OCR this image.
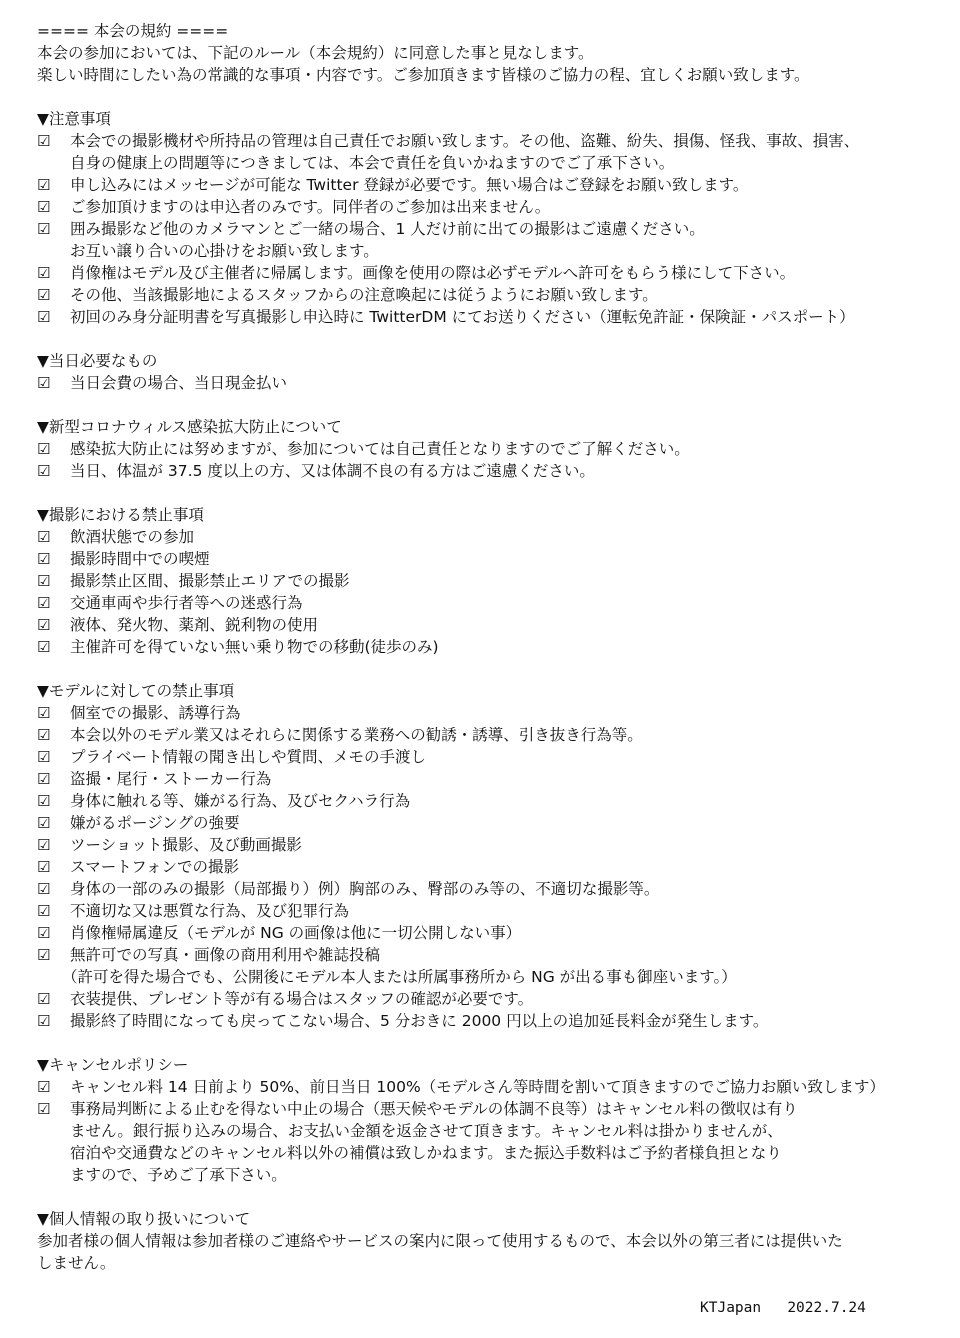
==== 本会の規約 ====
本会の参加においては、下記のルール（本会規約）に同意した事と見なします。
楽しい時間にしたい為の常識的な事項・内容です。ご参加頂きます皆様のご協力の程、宜しくお願い致します。
▼注意事項
☑	本会での撮影機材や所持品の管理は自己責任でお願い致します。その他、盗難、紛失、損傷、怪我、事故、損害、
自身の健康上の問題等につきましては、本会で責任を負いかねますのでご了承下さい。
☑	申し込みにはメッセージが可能な Twitter 登録が必要です。無い場合はご登録をお願い致します。
☑	ご参加頂けますのは申込者のみです。同伴者のご参加は出来ません。
☑	囲み撮影など他のカメラマンとご一緒の場合、1 人だけ前に出ての撮影はご遠慮ください。
お互い譲り合いの心掛けをお願い致します。
☑	肖像権はモデル及び主催者に帰属します。画像を使用の際は必ずモデルへ許可をもらう様にして下さい。
☑	その他、当該撮影地によるスタッフからの注意喚起には従うようにお願い致します。
☑	初回のみ身分証明書を写真撮影し申込時に TwitterDM にてお送りください（運転免許証・保険証・パスポート）
▼当日必要なもの
☑	当日会費の場合、当日現金払い
▼新型コロナウィルス感染拡大防止について
☑	感染拡大防止には努めますが、参加については自己責任となりますのでご了解ください。
☑	当日、体温が 37.5 度以上の方、又は体調不良の有る方はご遠慮ください。
▼撮影における禁止事項
☑	飲酒状態での参加
☑	撮影時間中での喫煙
☑	撮影禁止区間、撮影禁止エリアでの撮影
☑	交通車両や歩行者等への迷惑行為
☑	液体、発火物、薬剤、鋭利物の使用
☑	主催許可を得ていない無い乗り物での移動(徒歩のみ)
▼モデルに対しての禁止事項
☑	個室での撮影、誘導行為
☑	本会以外のモデル業又はそれらに関係する業務への勧誘・誘導、引き抜き行為等。
☑	プライベート情報の聞き出しや質問、メモの手渡し
☑	盗撮・尾行・ストーカー行為
☑	身体に触れる等、嫌がる行為、及びセクハラ行為
☑	嫌がるポージングの強要
☑	ツーショット撮影、及び動画撮影
☑	スマートフォンでの撮影
☑	身体の一部のみの撮影（局部撮り）例）胸部のみ、臀部のみ等の、不適切な撮影等。
☑	不適切な又は悪質な行為、及び犯罪行為
☑	肖像権帰属違反（モデルが NG の画像は他に一切公開しない事）
☑	無許可での写真・画像の商用利用や雑誌投稿
（許可を得た場合でも、公開後にモデル本人または所属事務所から NG が出る事も御座います。）
☑	衣装提供、プレゼント等が有る場合はスタッフの確認が必要です。
☑	撮影終了時間になっても戻ってこない場合、5 分おきに 2000 円以上の追加延長料金が発生します。
▼キャンセルポリシー
☑	キャンセル料 14 日前より 50%、前日当日 100%（モデルさん等時間を割いて頂きますのでご協力お願い致します）
☑	事務局判断による止むを得ない中止の場合（悪天候やモデルの体調不良等）はキャンセル料の徴収は有り
ません。銀行振り込みの場合、お支払い金額を返金させて頂きます。キャンセル料は掛かりませんが、
宿泊や交通費などのキャンセル料以外の補償は致しかねます。また振込手数料はご予約者様負担となり
ますので、予めご了承下さい。
▼個人情報の取り扱いについて
参加者様の個人情報は参加者様のご連絡やサービスの案内に限って使用するもので、本会以外の第三者には提供いた
しません。
KTJapan 2022.7.24
